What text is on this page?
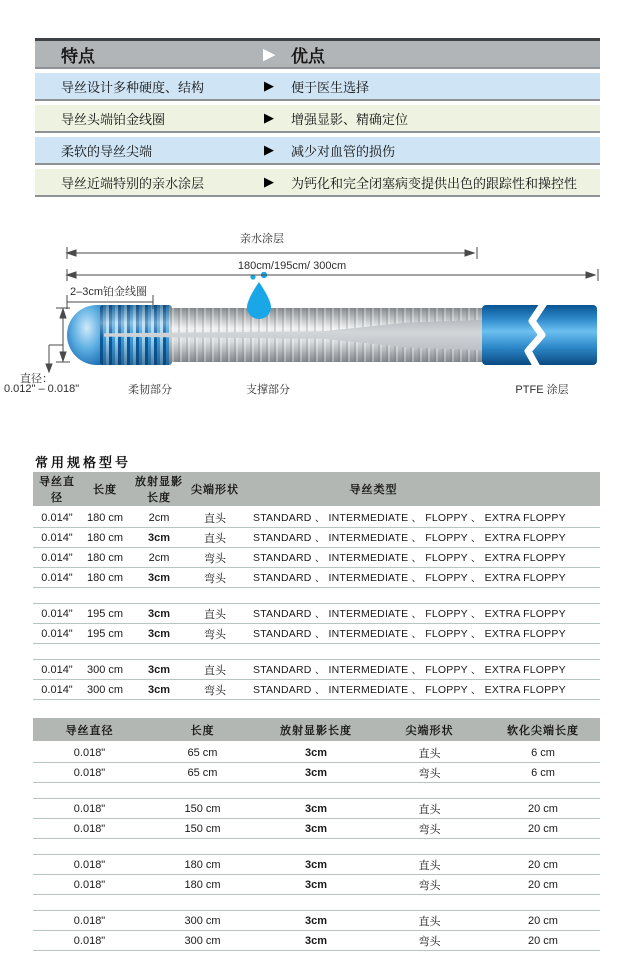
特点	▶ 优点
导丝设计多种硬度、结构	▶	便于医生选择
导丝头端铂金线圈	▶	增强显影、精确定位
柔软的导丝尖端	▶	减少对血管的损伤
导丝近端特别的亲水涂层	▶	为钙化和完全闭塞病变提供出色的跟踪性和操控性
亲水涂层
180cm/195cm/ 300cm
2–3cm铂金线圈
直径：
0.012" – 0.018"	柔韧部分	支撑部分	PTFE 涂层
常用规格型号
导丝直径	长度	放射显影长度	尖端形状	导丝类型
0.014"	180 cm	2cm	直头	STANDARD 、 INTERMEDIATE 、 FLOPPY 、 EXTRA FLOPPY
0.014"	180 cm	3cm	直头	STANDARD 、 INTERMEDIATE 、 FLOPPY 、 EXTRA FLOPPY
0.014"	180 cm	2cm	弯头	STANDARD 、 INTERMEDIATE 、 FLOPPY 、 EXTRA FLOPPY
0.014"	180 cm	3cm	弯头	STANDARD 、 INTERMEDIATE 、 FLOPPY 、 EXTRA FLOPPY

0.014"	195 cm	3cm	直头	STANDARD 、 INTERMEDIATE 、 FLOPPY 、 EXTRA FLOPPY
0.014"	195 cm	3cm	弯头	STANDARD 、 INTERMEDIATE 、 FLOPPY 、 EXTRA FLOPPY

0.014"	300 cm	3cm	直头	STANDARD 、 INTERMEDIATE 、 FLOPPY 、 EXTRA FLOPPY
0.014"	300 cm	3cm	弯头	STANDARD 、 INTERMEDIATE 、 FLOPPY 、 EXTRA FLOPPY
导丝直径	长度	放射显影长度	尖端形状	软化尖端长度
0.018"	65 cm	3cm	直头	6 cm
0.018"	65 cm	3cm	弯头	6 cm

0.018"	150 cm	3cm	直头	20 cm
0.018"	150 cm	3cm	弯头	20 cm

0.018"	180 cm	3cm	直头	20 cm
0.018"	180 cm	3cm	弯头	20 cm

0.018"	300 cm	3cm	直头	20 cm
0.018"	300 cm	3cm	弯头	20 cm
